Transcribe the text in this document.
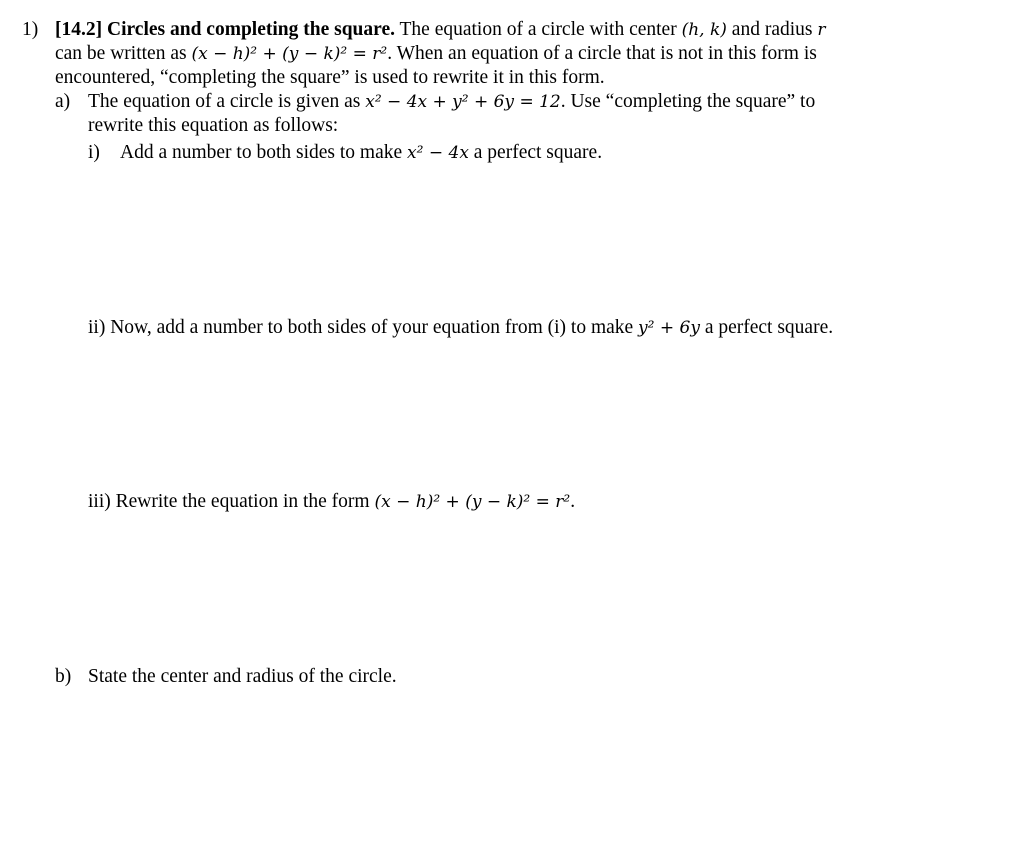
1) [14.2] Circles and completing the square. The equation of a circle with center (h, k) and radius r
can be written as (x − h)² + (y − k)² = r². When an equation of a circle that is not in this form is
encountered, “completing the square” is used to rewrite it in this form.
a) The equation of a circle is given as x² − 4x + y² + 6y = 12. Use “completing the square” to
rewrite this equation as follows:
i) Add a number to both sides to make x² − 4x a perfect square.
ii) Now, add a number to both sides of your equation from (i) to make y² + 6y a perfect square.
iii) Rewrite the equation in the form (x − h)² + (y − k)² = r².
b) State the center and radius of the circle.
